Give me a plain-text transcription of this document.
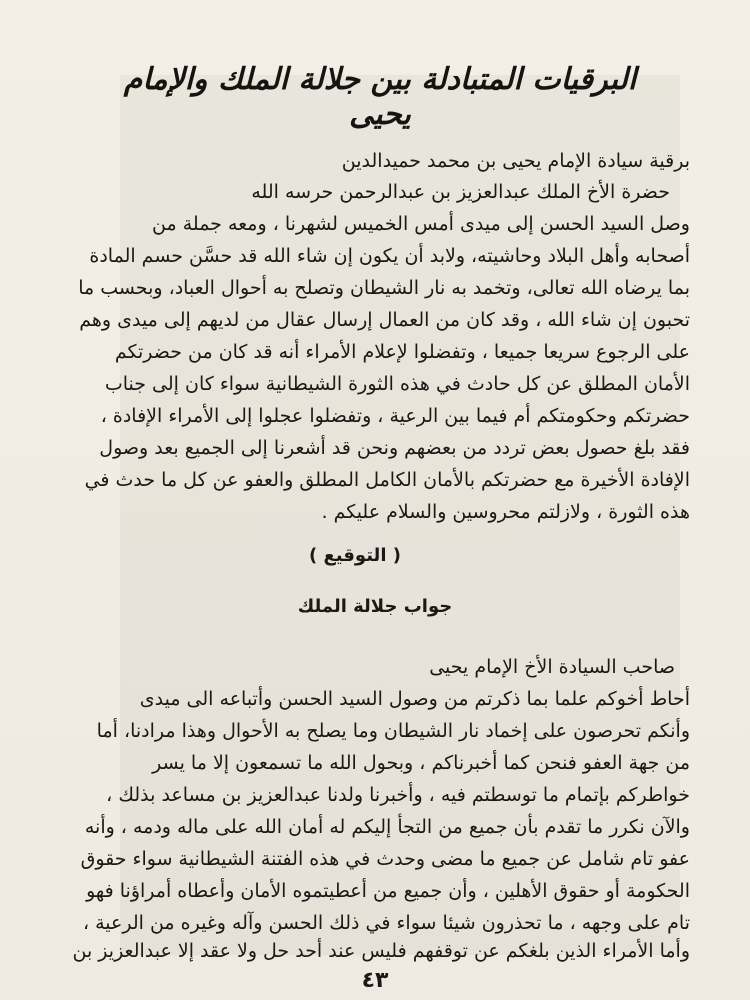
البرقيات المتبادلة بين جلالة الملك والإمام يحيى
برقية سيادة الإمام يحيى بن محمد حميدالدين
حضرة الأخ الملك عبدالعزيز بن عبدالرحمن حرسه الله
وصل السيد الحسن إلى ميدى أمس الخميس لشهرنا ، ومعه جملة من
أصحابه وأهل البلاد وحاشيته، ولابد أن يكون إن شاء الله قد حسَّن حسم المادة
بما يرضاه الله تعالى، وتخمد به نار الشيطان وتصلح به أحوال العباد، وبحسب ما
تحبون إن شاء الله ، وقد كان من العمال إرسال عقال من لديهم إلى ميدى وهم
على الرجوع سريعا جميعا ، وتفضلوا لإعلام الأمراء أنه قد كان من حضرتكم
الأمان المطلق عن كل حادث في هذه الثورة الشيطانية سواء كان إلى جناب
حضرتكم وحكومتكم أم فيما بين الرعية ، وتفضلوا عجلوا إلى الأمراء الإفادة ،
فقد بلغ حصول بعض تردد من بعضهم ونحن قد أشعرنا إلى الجميع بعد وصول
الإفادة الأخيرة مع حضرتكم بالأمان الكامل المطلق والعفو عن كل ما حدث في
هذه الثورة ، ولازلتم محروسين والسلام عليكم .
( التوقيع )
جواب جلالة الملك
صاحب السيادة الأخ الإمام يحيى
أحاط أخوكم علما بما ذكرتم من وصول السيد الحسن وأتباعه الى ميدى
وأنكم تحرصون على إخماد نار الشيطان وما يصلح به الأحوال وهذا مرادنا، أما
من جهة العفو فنحن كما أخبرناكم ، وبحول الله ما تسمعون إلا ما يسر
خواطركم بإتمام ما توسطتم فيه ، وأخبرنا ولدنا عبدالعزيز بن مساعد بذلك ،
والآن نكرر ما تقدم بأن جميع من التجأ إليكم له أمان الله على ماله ودمه ، وأنه
عفو تام شامل عن جميع ما مضى وحدث في هذه الفتنة الشيطانية سواء حقوق
الحكومة أو حقوق الأهلين ، وأن جميع من أعطيتموه الأمان وأعطاه أمراؤنا فهو
تام على وجهه ، ما تحذرون شيئا سواء في ذلك الحسن وآله وغيره من الرعية ،
وأما الأمراء الذين بلغكم عن توقفهم فليس عند أحد حل ولا عقد إلا عبدالعزيز بن
٤٣
